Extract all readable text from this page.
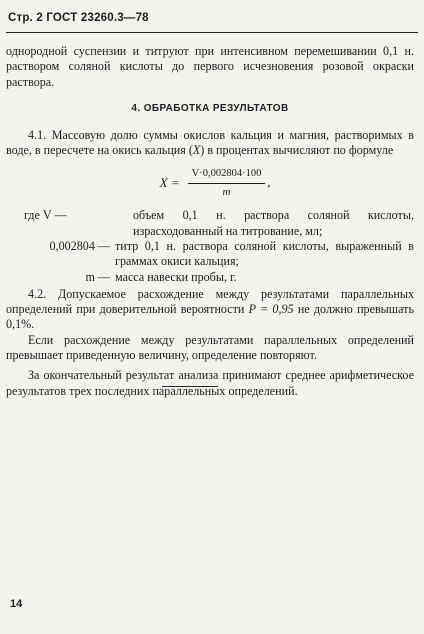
Стр. 2 ГОСТ 23260.3—78

однородной суспензии и титруют при интенсивном перемешивании 0,1 н. раствором соляной кислоты до первого исчезновения розовой окраски раствора.

4. ОБРАБОТКА РЕЗУЛЬТАТОВ

4.1. Массовую долю суммы окислов кальция и магния, растворимых в воде, в пересчете на окись кальция (X) в процентах вычисляют по формуле

$X = \frac{V\cdot 0,002804\cdot 100}{m}$ ,
где V —	объем 0,1 н. раствора соляной кислоты, израсходованный на титрование, мл;
0,002804 — титр 0,1 н. раствора соляной кислоты, выраженный в граммах окиси кальция;
m — масса навески пробы, г.

4.2. Допускаемое расхождение между результатами параллельных определений при доверительной вероятности P = 0,95 не должно превышать 0,1%.

Если расхождение между результатами параллельных определений превышает приведенную величину, определение повторяют.

За окончательный результат анализа принимают среднее арифметическое результатов трех последних параллельных определений.

14
